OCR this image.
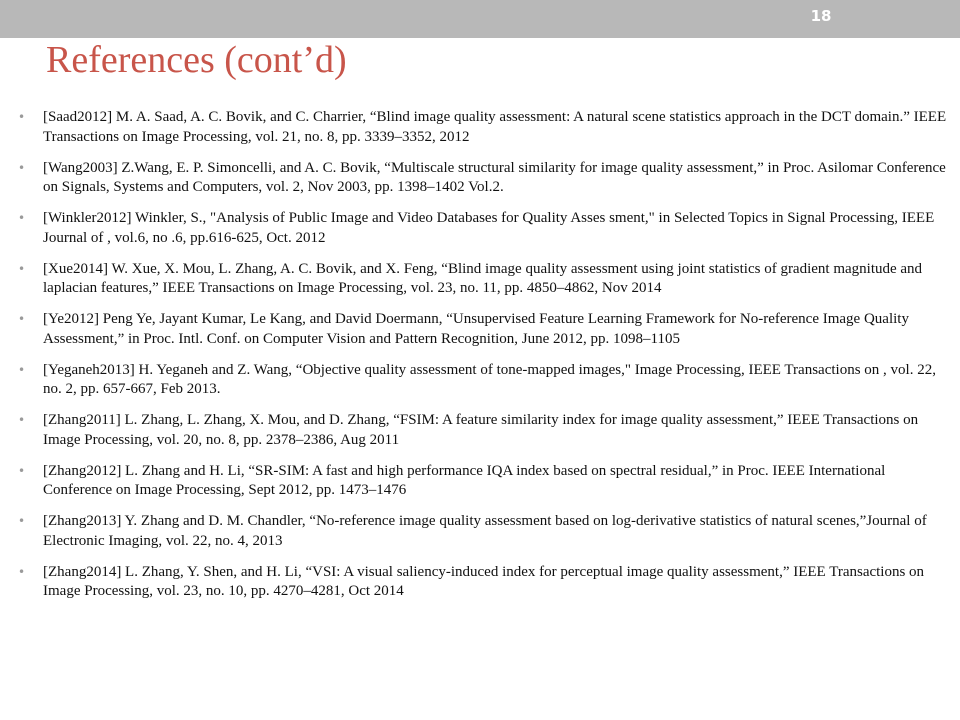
18
References (cont’d)
•	[Saad2012] M. A. Saad, A. C. Bovik, and C. Charrier, “Blind image quality assessment: A natural scene statistics approach in the DCT domain.” IEEE Transactions on Image Processing, vol. 21, no. 8, pp. 3339–3352, 2012
•	[Wang2003] Z.Wang, E. P. Simoncelli, and A. C. Bovik, “Multiscale structural similarity for image quality assessment,” in Proc. Asilomar Conference on Signals, Systems and Computers, vol. 2, Nov 2003, pp. 1398–1402 Vol.2.
•	[Winkler2012] Winkler, S., "Analysis of Public Image and Video Databases for Quality Asses sment," in Selected Topics in Signal Processing, IEEE Journal of , vol.6, no .6, pp.616-625, Oct. 2012
•	[Xue2014] W. Xue, X. Mou, L. Zhang, A. C. Bovik, and X. Feng, “Blind image quality assessment using joint statistics of gradient magnitude and laplacian features,” IEEE Transactions on Image Processing, vol. 23, no. 11, pp. 4850–4862, Nov 2014
•	[Ye2012] Peng Ye, Jayant Kumar, Le Kang, and David Doermann, “Unsupervised Feature Learning Framework for No-reference Image Quality Assessment,” in Proc. Intl. Conf. on Computer Vision and Pattern Recognition, June 2012, pp. 1098–1105
•	[Yeganeh2013] H. Yeganeh and Z. Wang, “Objective quality assessment of tone-mapped images," Image Processing, IEEE Transactions on , vol. 22, no. 2, pp. 657-667, Feb 2013.
•	[Zhang2011] L. Zhang, L. Zhang, X. Mou, and D. Zhang, “FSIM: A feature similarity index for image quality assessment,” IEEE Transactions on Image Processing, vol. 20, no. 8, pp. 2378–2386, Aug 2011
•	[Zhang2012] L. Zhang and H. Li, “SR-SIM: A fast and high performance IQA index based on spectral residual,” in Proc. IEEE International Conference on Image Processing, Sept 2012, pp. 1473–1476
•	[Zhang2013] Y. Zhang and D. M. Chandler, “No-reference image quality assessment based on log-derivative statistics of natural scenes,”Journal of Electronic Imaging, vol. 22, no. 4, 2013
•	[Zhang2014] L. Zhang, Y. Shen, and H. Li, “VSI: A visual saliency-induced index for perceptual image quality assessment,” IEEE Transactions on Image Processing, vol. 23, no. 10, pp. 4270–4281, Oct 2014
